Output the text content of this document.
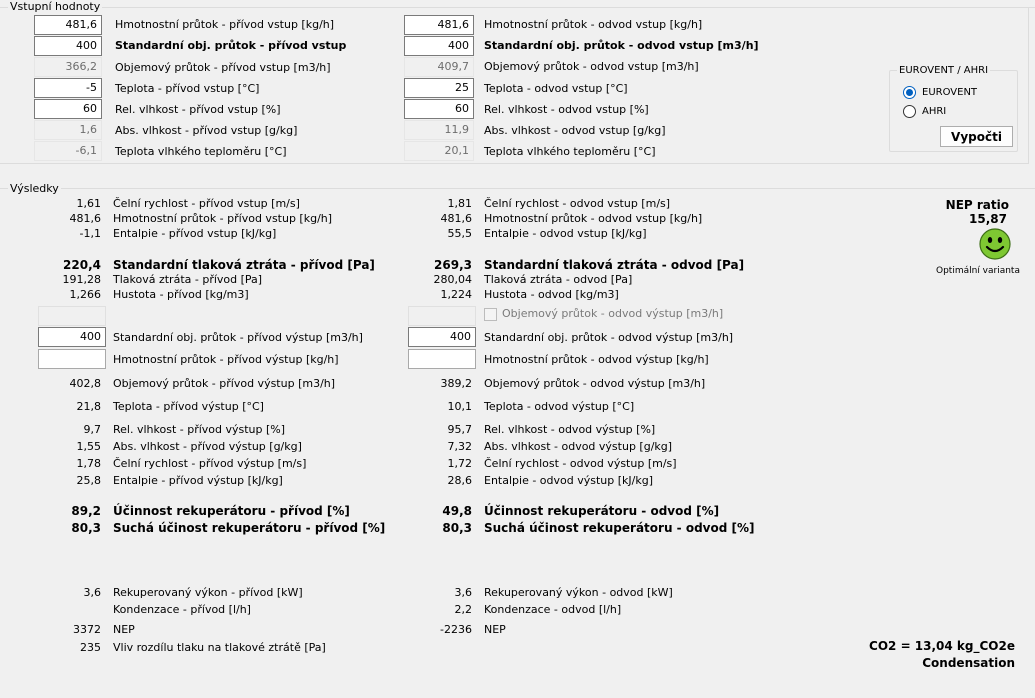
Vstupní hodnoty
481,6	Hmotnostní průtok - přívod vstup [kg/h]
400	Standardní obj. průtok - přívod vstup
366,2	Objemový průtok - přívod vstup [m3/h]
-5	Teplota - přívod vstup [°C]
60	Rel. vlhkost - přívod vstup [%]
1,6	Abs. vlhkost - přívod vstup [g/kg]
-6,1	Teplota vlhkého teploměru [°C]
481,6	Hmotnostní průtok - odvod vstup [kg/h]
400	Standardní obj. průtok - odvod vstup [m3/h]
409,7	Objemový průtok - odvod vstup [m3/h]
25	Teplota - odvod vstup [°C]
60	Rel. vlhkost - odvod vstup [%]
11,9	Abs. vlhkost - odvod vstup [g/kg]
20,1	Teplota vlhkého teploměru [°C]
EUROVENT / AHRI
EUROVENT
AHRI
Vypočti
Výsledky
1,61 Čelní rychlost - přívod vstup [m/s]
481,6 Hmotnostní průtok - přívod vstup [kg/h]
-1,1 Entalpie - přívod vstup [kJ/kg]
220,4 Standardní tlaková ztráta - přívod [Pa]
191,28 Tlaková ztráta - přívod [Pa]
1,266 Hustota - přívod [kg/m3]
400	Standardní obj. průtok - přívod výstup [m3/h]
Hmotnostní průtok - přívod výstup [kg/h]
402,8 Objemový průtok - přívod výstup [m3/h]
21,8 Teplota - přívod výstup [°C]
9,7 Rel. vlhkost - přívod výstup [%]
1,55 Abs. vlhkost - přívod výstup [g/kg]
1,78 Čelní rychlost - přívod výstup [m/s]
25,8 Entalpie - přívod výstup [kJ/kg]
89,2 Účinnost rekuperátoru - přívod [%]
80,3 Suchá účinost rekuperátoru - přívod [%]
3,6 Rekuperovaný výkon - přívod [kW]
Kondenzace - přívod [l/h]
3372 NEP
235 Vliv rozdílu tlaku na tlakové ztrátě [Pa]
1,81 Čelní rychlost - odvod vstup [m/s]
481,6 Hmotnostní průtok - odvod vstup [kg/h]
55,5 Entalpie - odvod vstup [kJ/kg]
269,3 Standardní tlaková ztráta - odvod [Pa]
280,04 Tlaková ztráta - odvod [Pa]
1,224 Hustota - odvod [kg/m3]
Objemový průtok - odvod výstup [m3/h]
400	Standardní obj. průtok - odvod výstup [m3/h]
Hmotnostní průtok - odvod výstup [kg/h]
389,2 Objemový průtok - odvod výstup [m3/h]
10,1 Teplota - odvod výstup [°C]
95,7 Rel. vlhkost - odvod výstup [%]
7,32 Abs. vlhkost - odvod výstup [g/kg]
1,72 Čelní rychlost - odvod výstup [m/s]
28,6 Entalpie - odvod výstup [kJ/kg]
49,8 Účinnost rekuperátoru - odvod [%]
80,3 Suchá účinost rekuperátoru - odvod [%]
3,6 Rekuperovaný výkon - odvod [kW]
2,2 Kondenzace - odvod [l/h]
-2236 NEP
NEP ratio
15,87
Optimální varianta
CO2 = 13,04 kg_CO2e
Condensation
